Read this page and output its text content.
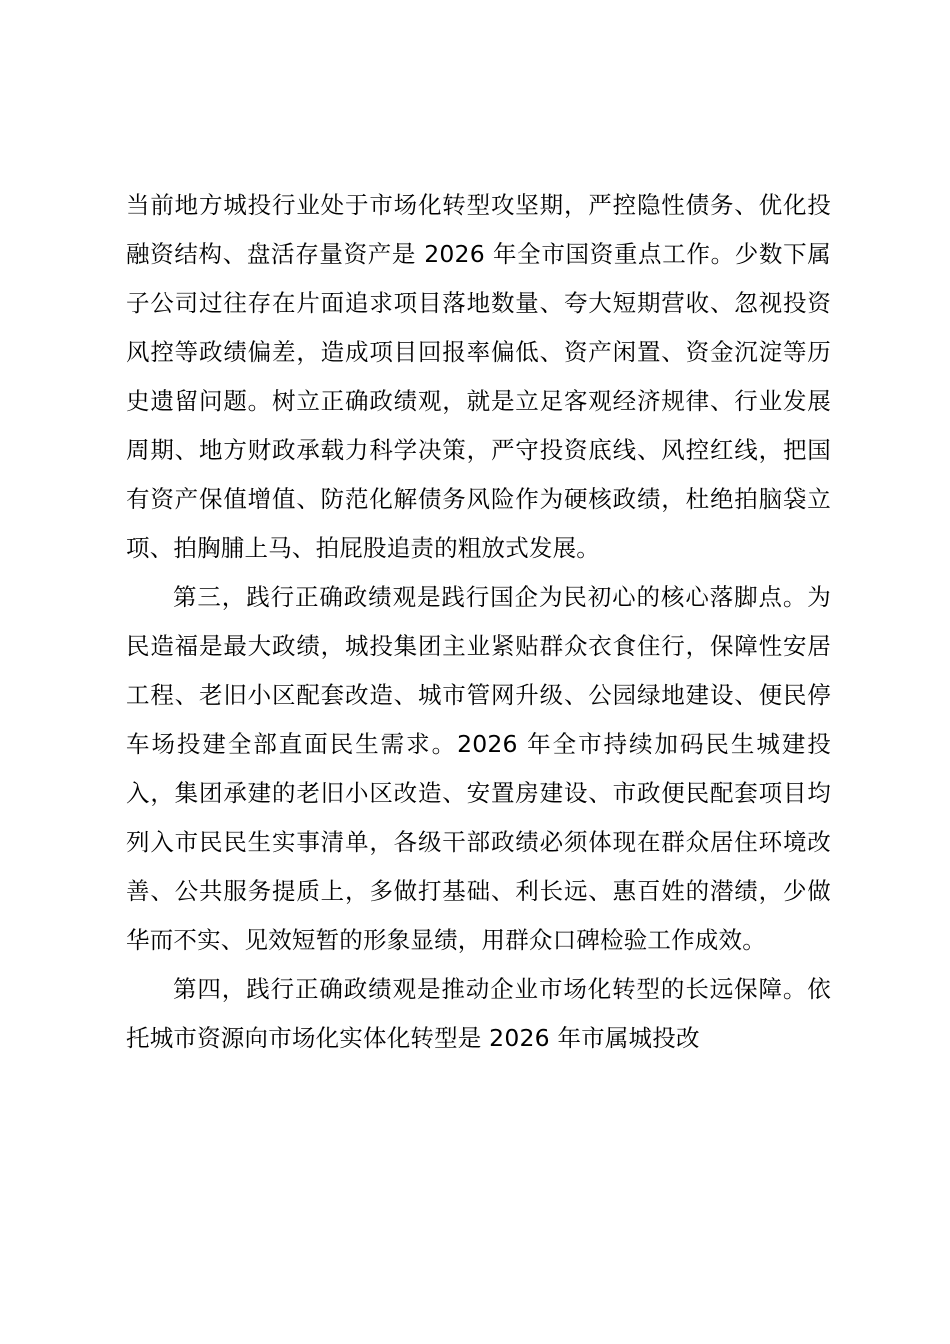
当前地方城投行业处于市场化转型攻坚期，严控隐性债务、优化投融资结构、盘活存量资产是 2026 年全市国资重点工作。少数下属子公司过往存在片面追求项目落地数量、夸大短期营收、忽视投资风控等政绩偏差，造成项目回报率偏低、资产闲置、资金沉淀等历史遗留问题。树立正确政绩观，就是立足客观经济规律、行业发展周期、地方财政承载力科学决策，严守投资底线、风控红线，把国有资产保值增值、防范化解债务风险作为硬核政绩，杜绝拍脑袋立项、拍胸脯上马、拍屁股追责的粗放式发展。

第三，践行正确政绩观是践行国企为民初心的核心落脚点。为民造福是最大政绩，城投集团主业紧贴群众衣食住行，保障性安居工程、老旧小区配套改造、城市管网升级、公园绿地建设、便民停车场投建全部直面民生需求。2026 年全市持续加码民生城建投入，集团承建的老旧小区改造、安置房建设、市政便民配套项目均列入市民民生实事清单，各级干部政绩必须体现在群众居住环境改善、公共服务提质上，多做打基础、利长远、惠百姓的潜绩，少做华而不实、见效短暂的形象显绩，用群众口碑检验工作成效。

第四，践行正确政绩观是推动企业市场化转型的长远保障。依托城市资源向市场化实体化转型是 2026 年市属城投改
